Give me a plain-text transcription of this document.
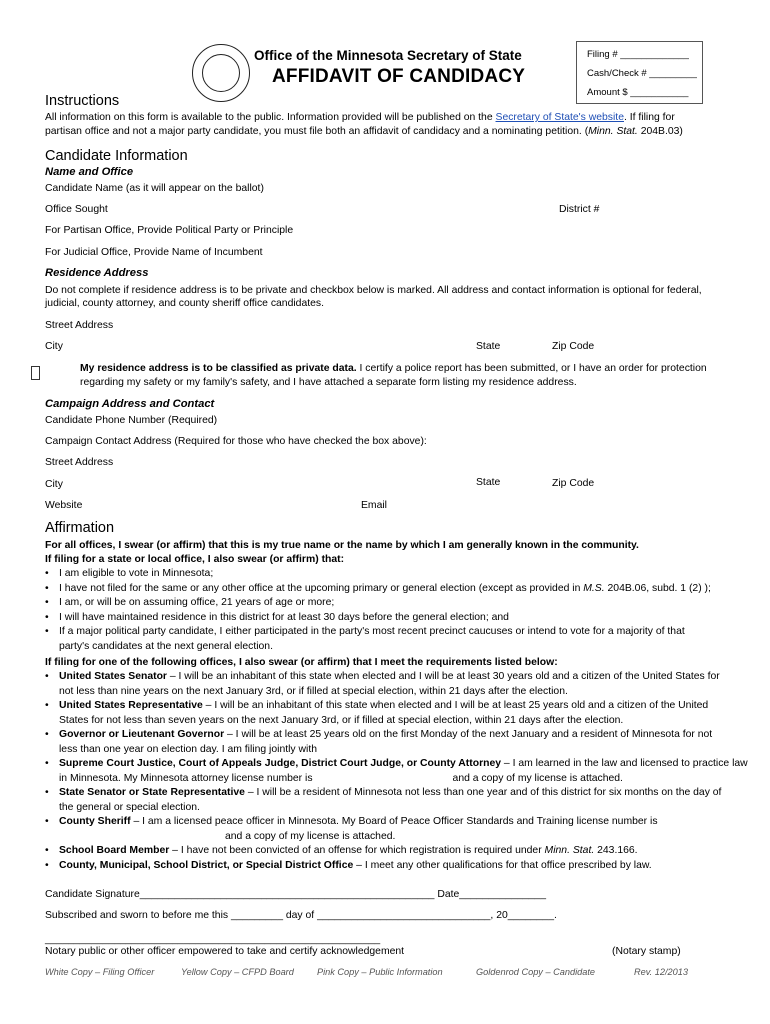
Office of the Minnesota Secretary of State
AFFIDAVIT OF CANDIDACY
Filing # _____________
Cash/Check # _________
Amount $ ___________
Instructions
All information on this form is available to the public. Information provided will be published on the Secretary of State's website. If filing for
partisan office and not a major party candidate, you must file both an affidavit of candidacy and a nominating petition. (Minn. Stat. 204B.03)
Candidate Information
Name and Office
Candidate Name (as it will appear on the ballot)
Office Sought	District #
For Partisan Office, Provide Political Party or Principle
For Judicial Office, Provide Name of Incumbent
Residence Address
Do not complete if residence address is to be private and checkbox below is marked. All address and contact information is optional for federal,
judicial, county attorney, and county sheriff office candidates.
Street Address
City	State	Zip Code
My residence address is to be classified as private data. I certify a police report has been submitted, or I have an order for protection
regarding my safety or my family's safety, and I have attached a separate form listing my residence address.
Campaign Address and Contact
Candidate Phone Number (Required)
Campaign Contact Address (Required for those who have checked the box above):
Street Address
City	State	Zip Code
Website	Email
Affirmation
For all offices, I swear (or affirm) that this is my true name or the name by which I am generally known in the community.
If filing for a state or local office, I also swear (or affirm) that:
• I am eligible to vote in Minnesota;
• I have not filed for the same or any other office at the upcoming primary or general election (except as provided in M.S. 204B.06, subd. 1 (2) );
• I am, or will be on assuming office, 21 years of age or more;
• I will have maintained residence in this district for at least 30 days before the general election; and
• If a major political party candidate, I either participated in the party's most recent precinct caucuses or intend to vote for a majority of that
party's candidates at the next general election.
If filing for one of the following offices, I also swear (or affirm) that I meet the requirements listed below:
• United States Senator – I will be an inhabitant of this state when elected and I will be at least 30 years old and a citizen of the United States for
not less than nine years on the next January 3rd, or if filled at special election, within 21 days after the election.
• United States Representative – I will be an inhabitant of this state when elected and I will be at least 25 years old and a citizen of the United
States for not less than seven years on the next January 3rd, or if filled at special election, within 21 days after the election.
• Governor or Lieutenant Governor – I will be at least 25 years old on the first Monday of the next January and a resident of Minnesota for not
less than one year on election day. I am filing jointly with
• Supreme Court Justice, Court of Appeals Judge, District Court Judge, or County Attorney – I am learned in the law and licensed to practice law
in Minnesota. My Minnesota attorney license number is	and a copy of my license is attached.
• State Senator or State Representative – I will be a resident of Minnesota not less than one year and of this district for six months on the day of
the general or special election.
• County Sheriff – I am a licensed peace officer in Minnesota. My Board of Peace Officer Standards and Training license number is
and a copy of my license is attached.
• School Board Member – I have not been convicted of an offense for which registration is required under Minn. Stat. 243.166.
• County, Municipal, School District, or Special District Office – I meet any other qualifications for that office prescribed by law.
Candidate Signature___________________________________________________ Date_______________
Subscribed and sworn to before me this _________ day of ______________________________, 20________.
__________________________________________________________
Notary public or other officer empowered to take and certify acknowledgement	(Notary stamp)
White Copy – Filing Officer	Yellow Copy – CFPD Board	Pink Copy – Public Information	Goldenrod Copy – Candidate	Rev. 12/2013
